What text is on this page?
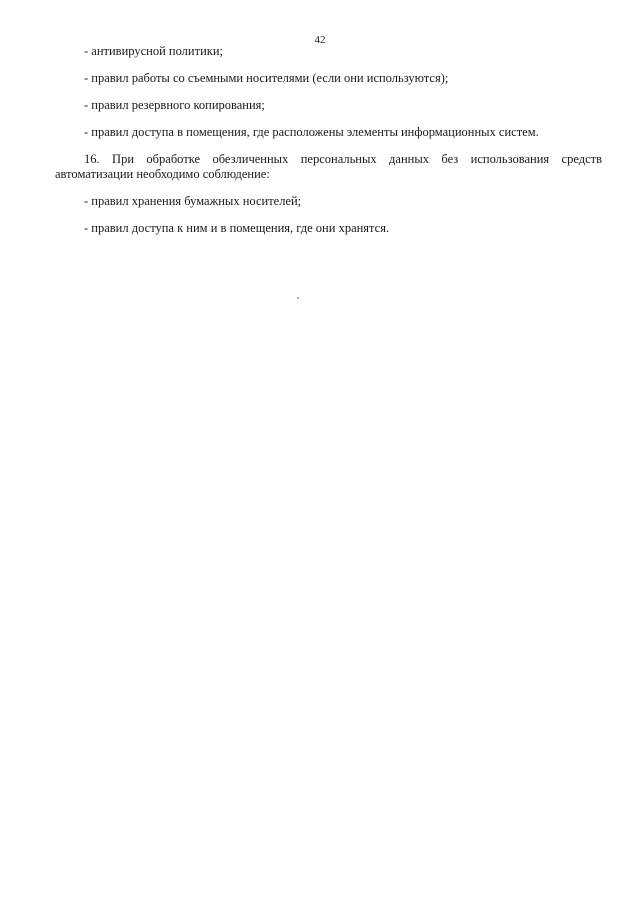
42

- антивирусной политики;

- правил работы со съемными носителями (если они используются);

- правил резервного копирования;

- правил доступа в помещения, где расположены элементы информационных систем.

16. При обработке обезличенных персональных данных без использования средств автоматизации необходимо соблюдение:

- правил хранения бумажных носителей;

- правил доступа к ним и в помещения, где они хранятся.
